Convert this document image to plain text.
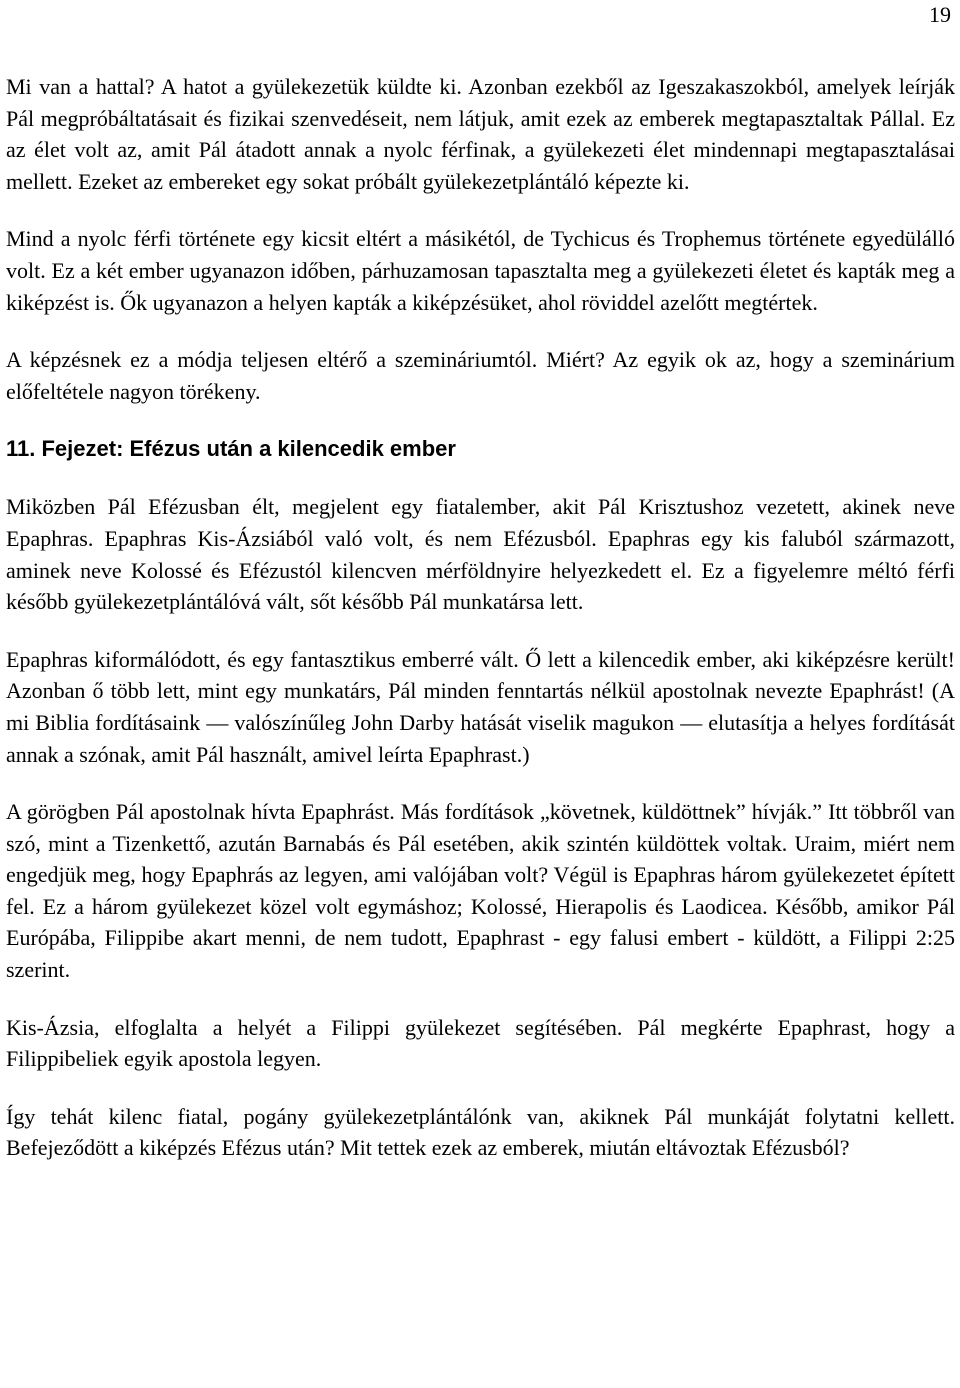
19

Mi van a hattal? A hatot a gyülekezetük küldte ki. Azonban ezekből az Igeszakaszokból, amelyek leírják Pál megpróbáltatásait és fizikai szenvedéseit, nem látjuk, amit ezek az emberek megtapasztaltak Pállal. Ez az élet volt az, amit Pál átadott annak a nyolc férfinak, a gyülekezeti élet mindennapi megtapasztalásai mellett. Ezeket az embereket egy sokat próbált gyülekezetplántáló képezte ki.

Mind a nyolc férfi története egy kicsit eltért a másikétól, de Tychicus és Trophemus története egyedülálló volt. Ez a két ember ugyanazon időben, párhuzamosan tapasztalta meg a gyülekezeti életet és kapták meg a kiképzést is. Ők ugyanazon a helyen kapták a kiképzésüket, ahol röviddel azelőtt megtértek.

A képzésnek ez a módja teljesen eltérő a szemináriumtól. Miért? Az egyik ok az, hogy a szeminárium előfeltétele nagyon törékeny.

11. Fejezet: Efézus után a kilencedik ember

Miközben Pál Efézusban élt, megjelent egy fiatalember, akit Pál Krisztushoz vezetett, akinek neve Epaphras. Epaphras Kis-Ázsiából való volt, és nem Efézusból. Epaphras egy kis faluból származott, aminek neve Kolossé és Efézustól kilencven mérföldnyire helyezkedett el. Ez a figyelemre méltó férfi később gyülekezetplántálóvá vált, sőt később Pál munkatársa lett.

Epaphras kiformálódott, és egy fantasztikus emberré vált. Ő lett a kilencedik ember, aki kiképzésre került! Azonban ő több lett, mint egy munkatárs, Pál minden fenntartás nélkül apostolnak nevezte Epaphrást! (A mi Biblia fordításaink — valószínűleg John Darby hatását viselik magukon — elutasítja a helyes fordítását annak a szónak, amit Pál használt, amivel leírta Epaphrast.)

A görögben Pál apostolnak hívta Epaphrást. Más fordítások „követnek, küldöttnek” hívják.” Itt többről van szó, mint a Tizenkettő, azután Barnabás és Pál esetében, akik szintén küldöttek voltak. Uraim, miért nem engedjük meg, hogy Epaphrás az legyen, ami valójában volt? Végül is Epaphras három gyülekezetet épített fel. Ez a három gyülekezet közel volt egymáshoz; Kolossé, Hierapolis és Laodicea. Később, amikor Pál Európába, Filippibe akart menni, de nem tudott, Epaphrast - egy falusi embert - küldött, a Filippi 2:25 szerint.

Kis-Ázsia, elfoglalta a helyét a Filippi gyülekezet segítésében. Pál megkérte Epaphrast, hogy a Filippibeliek egyik apostola legyen.

Így tehát kilenc fiatal, pogány gyülekezetplántálónk van, akiknek Pál munkáját folytatni kellett. Befejeződött a kiképzés Efézus után? Mit tettek ezek az emberek, miután eltávoztak Efézusból?
